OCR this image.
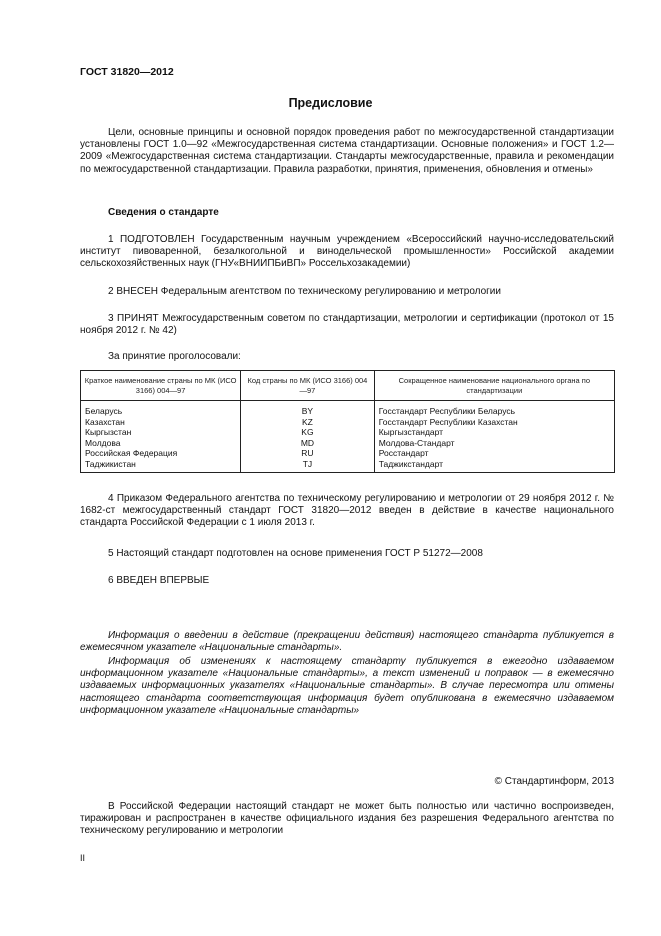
ГОСТ 31820—2012
Предисловие
Цели, основные принципы и основной порядок проведения работ по межгосударственной стандартизации установлены ГОСТ 1.0—92 «Межгосударственная система стандартизации. Основные положения» и ГОСТ 1.2—2009 «Межгосударственная система стандартизации. Стандарты межгосударственные, правила и рекомендации по межгосударственной стандартизации. Правила разработки, принятия, применения, обновления и отмены»
Сведения о стандарте
1 ПОДГОТОВЛЕН Государственным научным учреждением «Всероссийский научно-исследовательский институт пивоваренной, безалкогольной и винодельческой промышленности» Российской академии сельскохозяйственных наук (ГНУ«ВНИИПБиВП» Россельхозакадемии)
2 ВНЕСЕН Федеральным агентством по техническому регулированию и метрологии
3 ПРИНЯТ Межгосударственным советом по стандартизации, метрологии и сертификации (протокол от 15 ноября 2012 г. № 42)
За принятие проголосовали:
Краткое наименование страны по МК (ИСО 3166) 004—97	Код страны по МК (ИСО 3166) 004—97	Сокращенное наименование национального органа по стандартизации
Беларусь	BY	Госстандарт Республики Беларусь
Казахстан	KZ	Госстандарт Республики Казахстан
Кыргызстан	KG	Кыргызстандарт
Молдова	MD	Молдова-Стандарт
Российская Федерация	RU	Росстандарт
Таджикистан	TJ	Таджикстандарт
4 Приказом Федерального агентства по техническому регулированию и метрологии от 29 ноября 2012 г. № 1682-ст межгосударственный стандарт ГОСТ 31820—2012 введен в действие в качестве национального стандарта Российской Федерации с 1 июля 2013 г.
5 Настоящий стандарт подготовлен на основе применения ГОСТ Р 51272—2008
6 ВВЕДЕН ВПЕРВЫЕ
Информация о введении в действие (прекращении действия) настоящего стандарта публикуется в ежемесячном указателе «Национальные стандарты».
Информация об изменениях к настоящему стандарту публикуется в ежегодно издаваемом информационном указателе «Национальные стандарты», а текст изменений и поправок — в ежемесячно издаваемых информационных указателях «Национальные стандарты». В случае пересмотра или отмены настоящего стандарта соответствующая информация будет опубликована в ежемесячно издаваемом информационном указателе «Национальные стандарты»
© Стандартинформ, 2013
В Российской Федерации настоящий стандарт не может быть полностью или частично воспроизведен, тиражирован и распространен в качестве официального издания без разрешения Федерального агентства по техническому регулированию и метрологии
II
